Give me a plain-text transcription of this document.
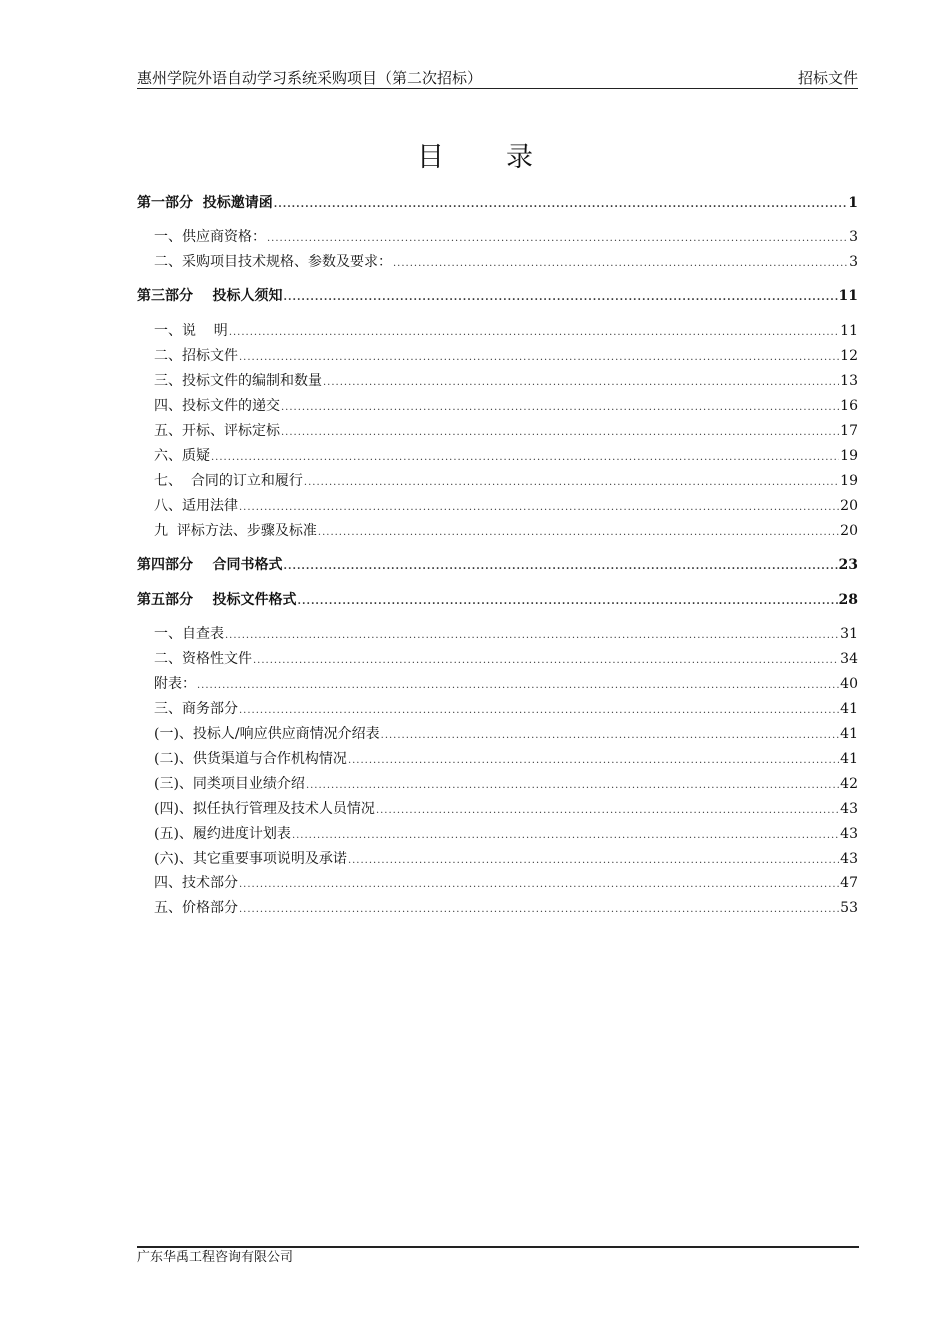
惠州学院外语自动学习系统采购项目（第二次招标）	招标文件
目录
第一部分  投标邀请函 .....	1
一、供应商资格： .....	3
二、采购项目技术规格、参数及要求： .....	3
第三部分    投标人须知 .....	11
一、说    明 .....	11
二、招标文件 .....	12
三、投标文件的编制和数量 .....	13
四、投标文件的递交 .....	16
五、开标、评标定标 .....	17
六、质疑 .....	19
七、  合同的订立和履行 .....	19
八、适用法律 .....	20
九  评标方法、步骤及标准 .....	20
第四部分    合同书格式 .....	23
第五部分    投标文件格式 .....	28
一、自查表 .....	31
二、资格性文件 .....	34
附表： .....	40
三、商务部分 .....	41
(一)、投标人/响应供应商情况介绍表 .....	41
(二)、供货渠道与合作机构情况 .....	41
(三)、同类项目业绩介绍 .....	42
(四)、拟任执行管理及技术人员情况 .....	43
(五)、履约进度计划表 .....	43
(六)、其它重要事项说明及承诺 .....	43
四、技术部分 .....	47
五、价格部分 .....	53
广东华禹工程咨询有限公司
